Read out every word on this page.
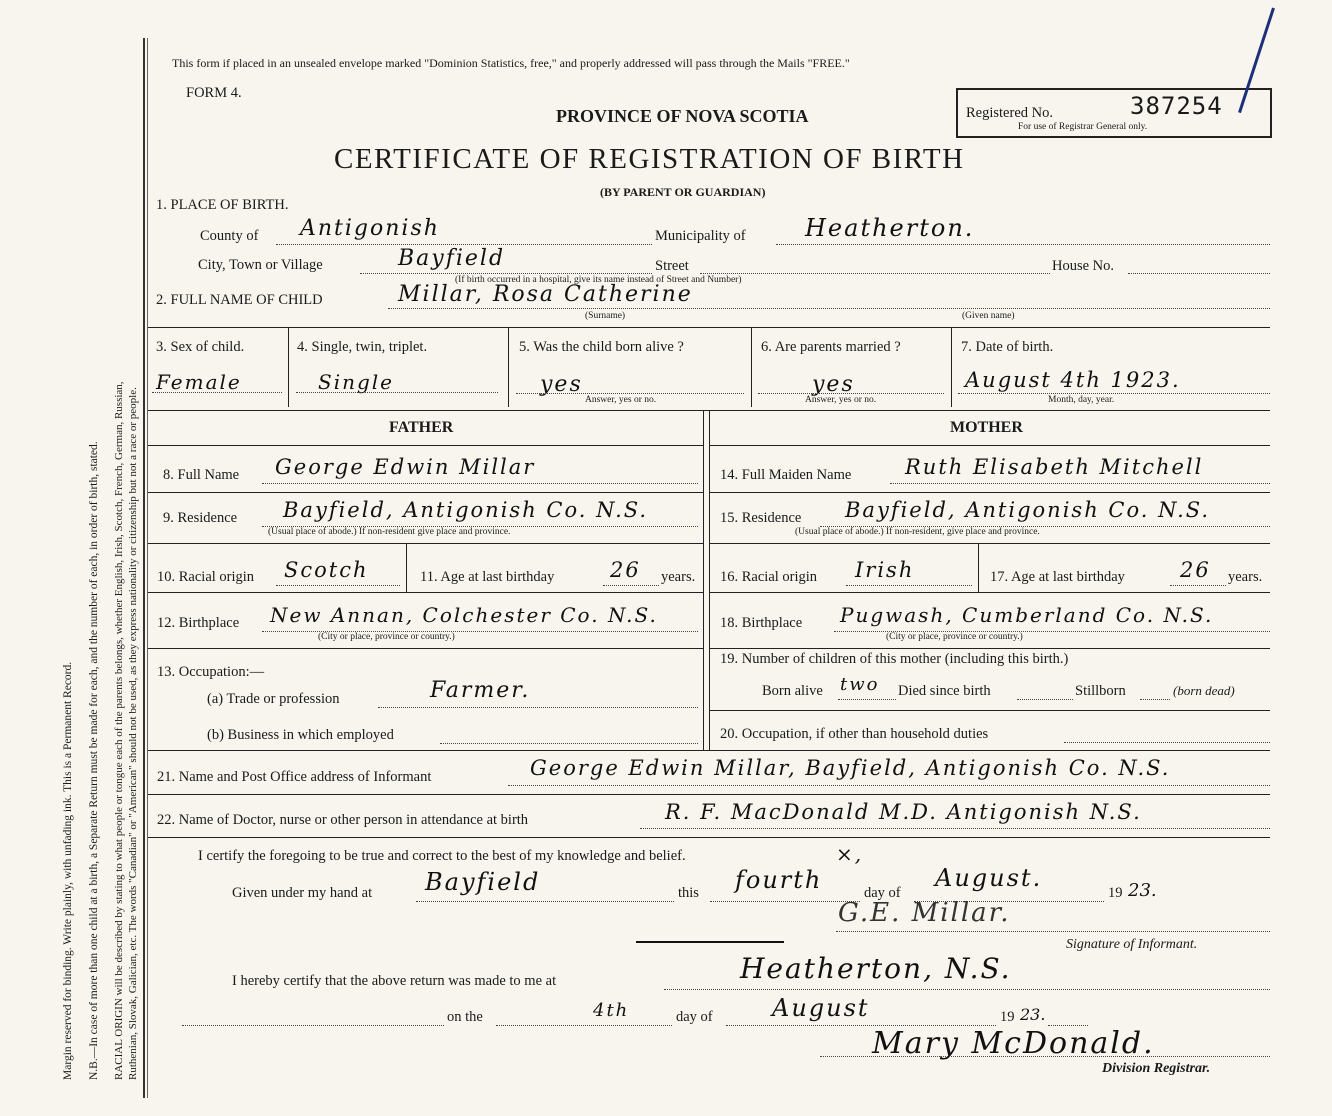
Margin reserved for binding. Write plainly, with unfading ink. This is a Permanent Record. N.B.—In case of more than one child at a birth, a Separate Return must be made for each, and the number of each, in order of birth, stated. RACIAL ORIGIN will be described by stating to what people or tongue each of the parents belongs, whether English, Irish, Scotch, French, German, Russian, Ruthenian, Slovak, Galician, etc. The words "Canadian" or "American" should not be used, as they express nationality or citizenship but not a race or people.
This form if placed in an unsealed envelope marked "Dominion Statistics, free," and properly addressed will pass through the Mails "FREE."
FORM 4.
PROVINCE OF NOVA SCOTIA	Registered No.	387254
For use of Registrar General only.
CERTIFICATE OF REGISTRATION OF BIRTH
(BY PARENT OR GUARDIAN)
1. PLACE OF BIRTH.
County of Antigonish	Municipality of Heatherton.
City, Town or Village	Bayfield	Street	House No.
(If birth occurred in a hospital, give its name instead of Street and Number)
2. FULL NAME OF CHILD	Millar, Rosa Catherine
(Surname)	(Given name)
3. Sex of child.
Female
4. Single, twin, triplet.
Single
5. Was the child born alive ?
yes
Answer, yes or no.
6. Are parents married ?
yes
Answer, yes or no.
7. Date of birth.
August 4th 1923.
Month, day, year.
FATHER	MOTHER
8. Full Name George Edwin Millar	14. Full Maiden Name	Ruth Elisabeth Mitchell
9. Residence Bayfield, Antigonish Co. N.S.
(Usual place of abode.) If non-resident give place and province.
15. Residence Bayfield, Antigonish Co. N.S.
(Usual place of abode.) If non-resident, give place and province.
10. Racial origin Scotch	11. Age at last birthday	26 years. 16. Racial origin Irish	17. Age at last birthday	26 years.
12. Birthplace New Annan, Colchester Co. N.S.
(City or place, province or country.)
18. Birthplace Pugwash, Cumberland Co. N.S.
(City or place, province or country.)
13. Occupation:—
(a) Trade or profession	Farmer.
(b) Business in which employed
19. Number of children of this mother (including this birth.)
Born alive two Died since birth	Stillborn	(born dead)
20. Occupation, if other than household duties
21. Name and Post Office address of Informant	George Edwin Millar, Bayfield, Antigonish Co. N.S.
22. Name of Doctor, nurse or other person in attendance at birth	R. F. MacDonald M.D. Antigonish N.S.
I certify the foregoing to be true and correct to the best of my knowledge and belief.	×,
Given under my hand at Bayfield	this fourth	day of
August.
19 23.
G.E. Millar.
Signature of Informant.
I hereby certify that the above return was made to me at	Heatherton, N.S.
on the	4th	day of August	19 23.
Mary McDonald.
Division Registrar.
